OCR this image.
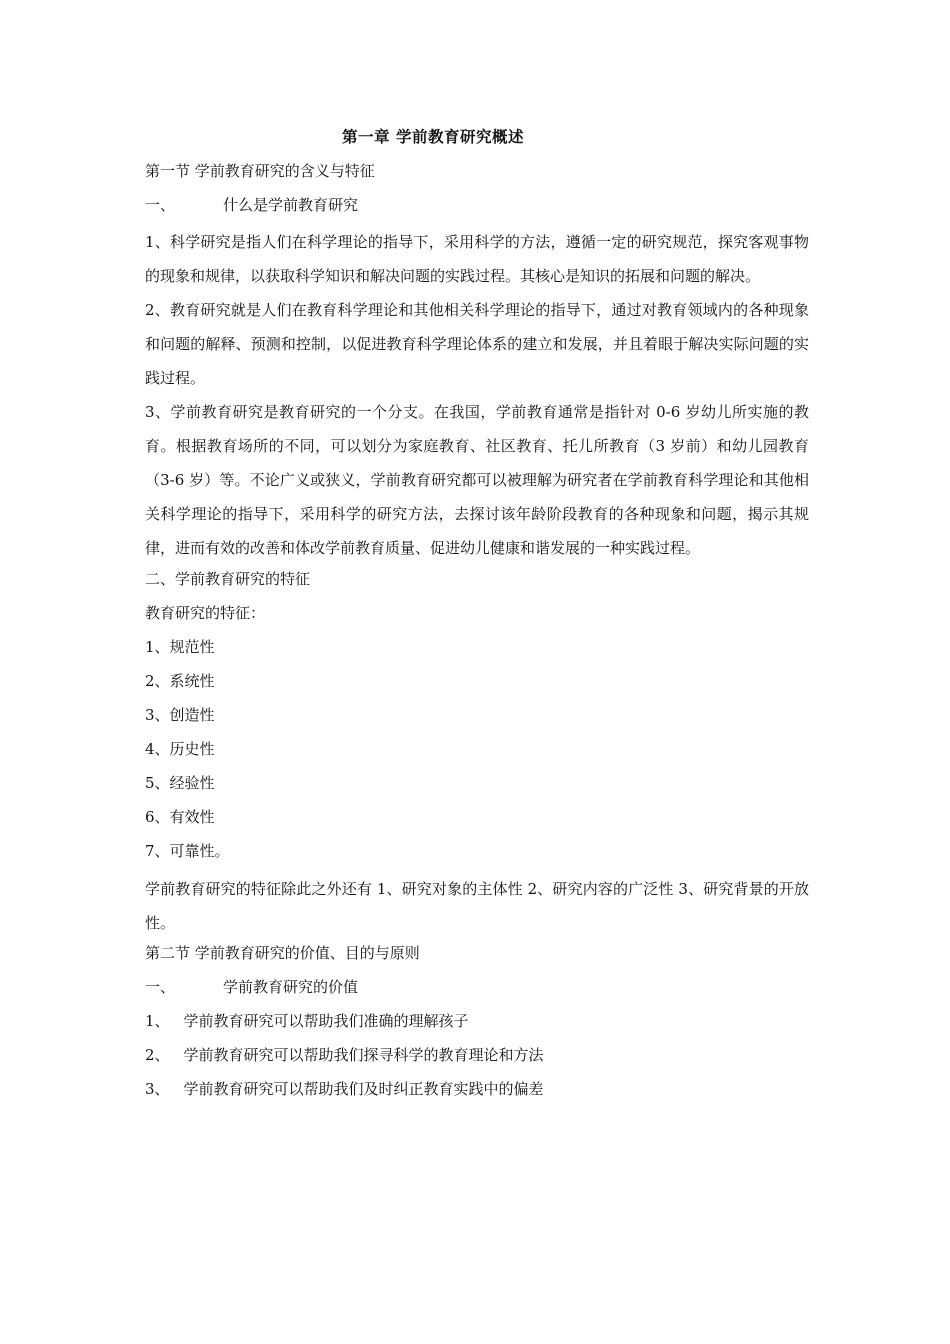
第一章 学前教育研究概述
第一节 学前教育研究的含义与特征
一、	什么是学前教育研究
1、科学研究是指人们在科学理论的指导下，采用科学的方法，遵循一定的研究规范，探究客观事物的现象和规律，以获取科学知识和解决问题的实践过程。其核心是知识的拓展和问题的解决。
2、教育研究就是人们在教育科学理论和其他相关科学理论的指导下，通过对教育领域内的各种现象和问题的解释、预测和控制，以促进教育科学理论体系的建立和发展，并且着眼于解决实际问题的实践过程。
3、学前教育研究是教育研究的一个分支。在我国，学前教育通常是指针对 0-6 岁幼儿所实施的教育。根据教育场所的不同，可以划分为家庭教育、社区教育、托儿所教育（3 岁前）和幼儿园教育（3-6 岁）等。不论广义或狭义，学前教育研究都可以被理解为研究者在学前教育科学理论和其他相关科学理论的指导下，采用科学的研究方法，去探讨该年龄阶段教育的各种现象和问题，揭示其规律，进而有效的改善和体改学前教育质量、促进幼儿健康和谐发展的一种实践过程。
二、学前教育研究的特征
教育研究的特征：
1、规范性
2、系统性
3、创造性
4、历史性
5、经验性
6、有效性
7、可靠性。
学前教育研究的特征除此之外还有 1、研究对象的主体性 2、研究内容的广泛性 3、研究背景的开放性。
第二节 学前教育研究的价值、目的与原则
一、	学前教育研究的价值
1、 学前教育研究可以帮助我们准确的理解孩子
2、 学前教育研究可以帮助我们探寻科学的教育理论和方法
3、 学前教育研究可以帮助我们及时纠正教育实践中的偏差
